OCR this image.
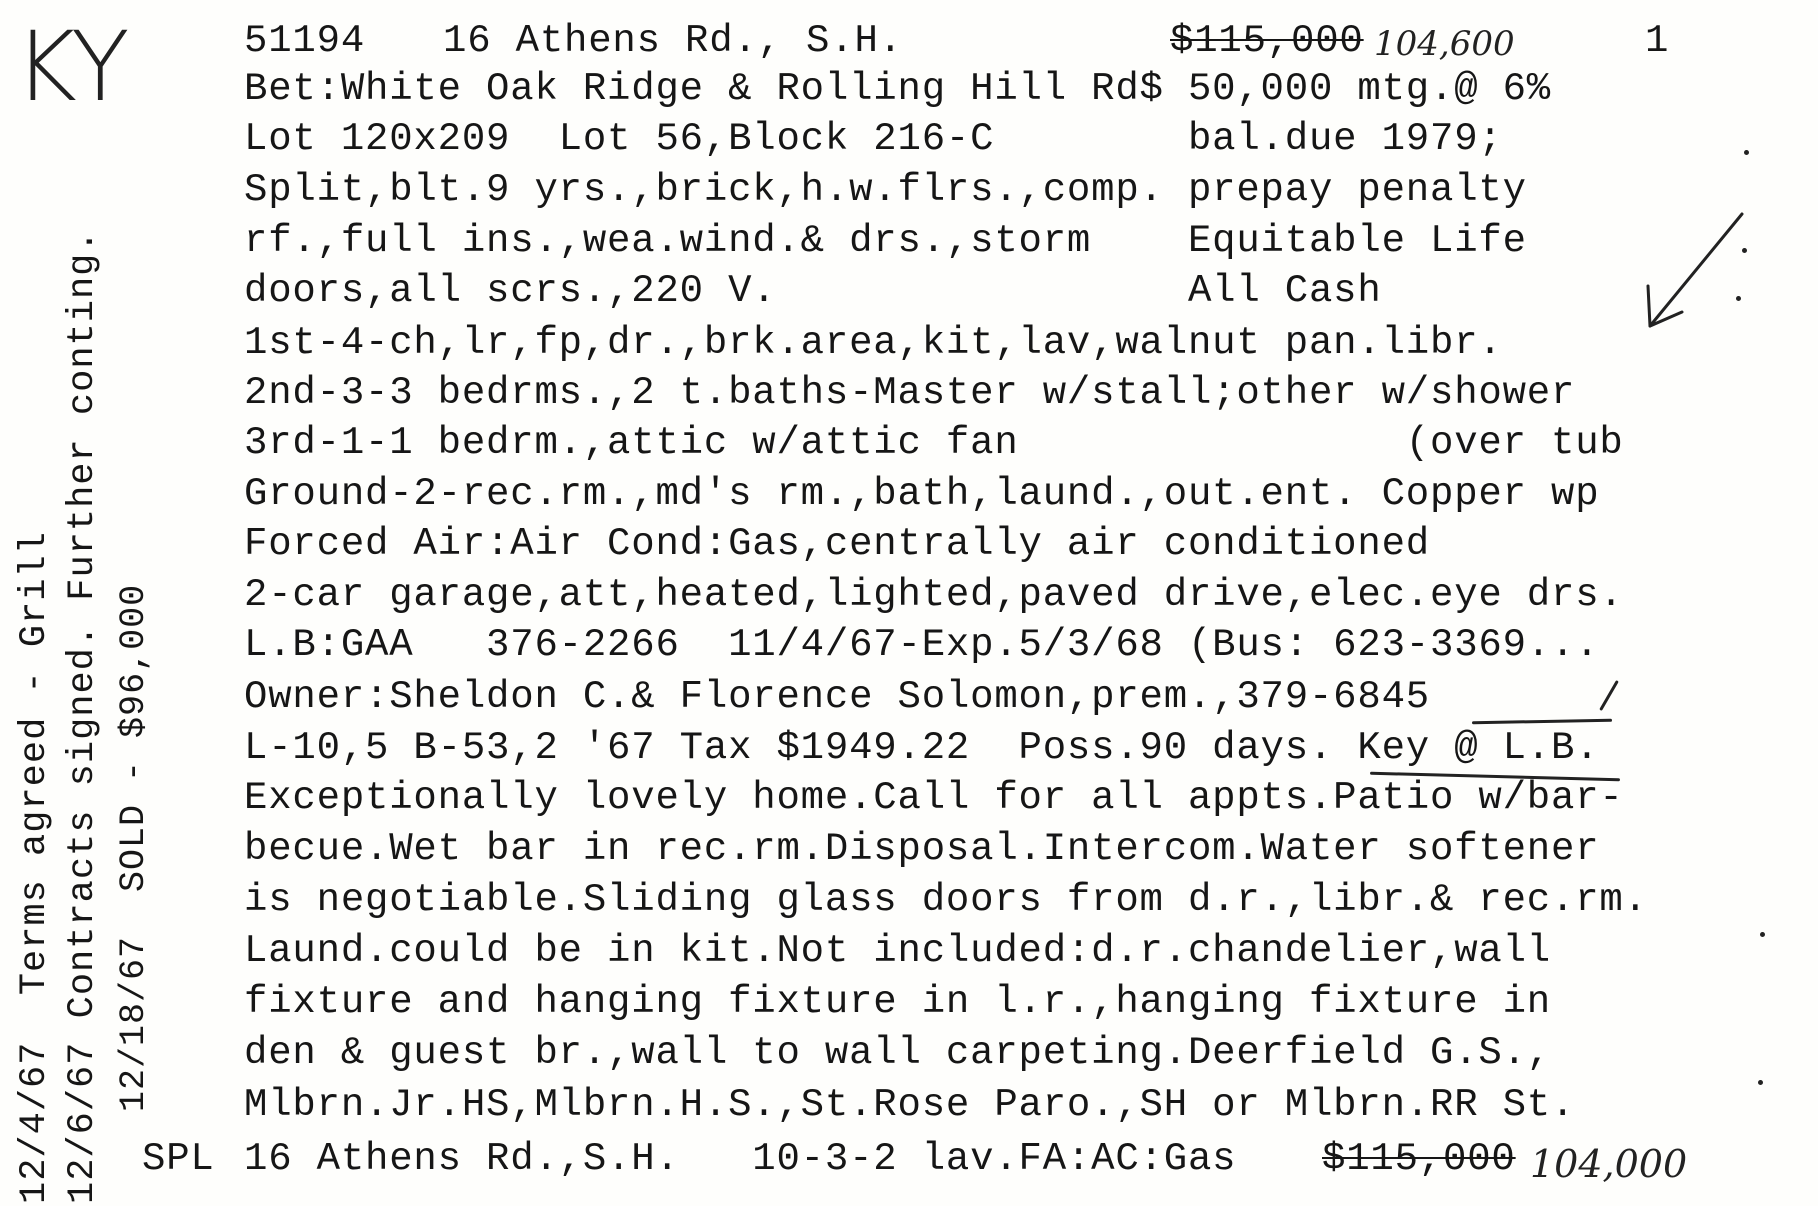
KY	51194 16 Athens Rd., S.H.	$115,000 104,600	1
Bet:White Oak Ridge & Rolling Hill Rd$ 50,000 mtg.@ 6%
Lot 120x209  Lot 56,Block 216-C        bal.due 1979;
Split,blt.9 yrs.,brick,h.w.flrs.,comp. prepay penalty
rf.,full ins.,wea.wind.& drs.,storm    Equitable Life
doors,all scrs.,220 V.                 All Cash
1st-4-ch,lr,fp,dr.,brk.area,kit,lav,walnut pan.libr.
2nd-3-3 bedrms.,2 t.baths-Master w/stall;other w/shower
3rd-1-1 bedrm.,attic w/attic fan                (over tub
Ground-2-rec.rm.,md's rm.,bath,laund.,out.ent. Copper wp
Forced Air:Air Cond:Gas,centrally air conditioned
2-car garage,att,heated,lighted,paved drive,elec.eye drs.
L.B:GAA   376-2266  11/4/67-Exp.5/3/68 (Bus: 623-3369...
Owner:Sheldon C.& Florence Solomon,prem.,379-6845
L-10,5 B-53,2 '67 Tax $1949.22  Poss.90 days. Key @ L.B.
Exceptionally lovely home.Call for all appts.Patio w/bar-
becue.Wet bar in rec.rm.Disposal.Intercom.Water softener
is negotiable.Sliding glass doors from d.r.,libr.& rec.rm.
Laund.could be in kit.Not included:d.r.chandelier,wall
fixture and hanging fixture in l.r.,hanging fixture in
den & guest br.,wall to wall carpeting.Deerfield G.S.,
Mlbrn.Jr.HS,Mlbrn.H.S.,St.Rose Paro.,SH or Mlbrn.RR St.
SPL 16 Athens Rd.,S.H.   10-3-2 lav.FA:AC:Gas $115,000 104,000
12/4/67  Terms agreed - Grill 12/6/67 Contracts signed. Further conting. 12/18/67  SOLD - $96,000
